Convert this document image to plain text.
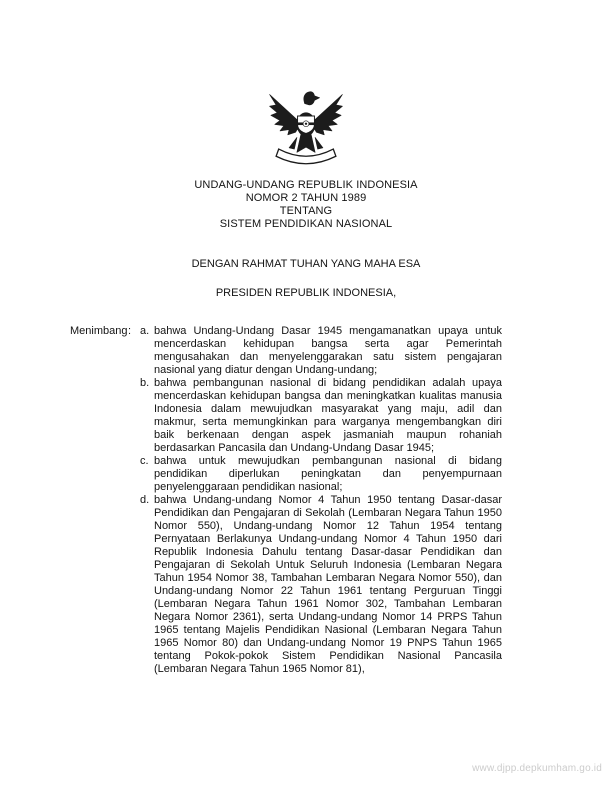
UNDANG-UNDANG REPUBLIK INDONESIA
NOMOR 2 TAHUN 1989
TENTANG
SISTEM PENDIDIKAN NASIONAL
DENGAN RAHMAT TUHAN YANG MAHA ESA
PRESIDEN REPUBLIK INDONESIA,
Menimbang : a. bahwa Undang-Undang Dasar 1945 mengamanatkan upaya untuk mencerdaskan kehidupan bangsa serta agar Pemerintah mengusahakan dan menyelenggarakan satu sistem pengajaran nasional yang diatur dengan Undang-undang;
b. bahwa pembangunan nasional di bidang pendidikan adalah upaya mencerdaskan kehidupan bangsa dan meningkatkan kualitas manusia Indonesia dalam mewujudkan masyarakat yang maju, adil dan makmur, serta memungkinkan para warganya mengembangkan diri baik berkenaan dengan aspek jasmaniah maupun rohaniah berdasarkan Pancasila dan Undang-Undang Dasar 1945;
c. bahwa untuk mewujudkan pembangunan nasional di bidang pendidikan diperlukan peningkatan dan penyempurnaan penyelenggaraan pendidikan nasional;
d. bahwa Undang-undang Nomor 4 Tahun 1950 tentang Dasar-dasar Pendidikan dan Pengajaran di Sekolah (Lembaran Negara Tahun 1950 Nomor 550), Undang-undang Nomor 12 Tahun 1954 tentang Pernyataan Berlakunya Undang-undang Nomor 4 Tahun 1950 dari Republik Indonesia Dahulu tentang Dasar-dasar Pendidikan dan Pengajaran di Sekolah Untuk Seluruh Indonesia (Lembaran Negara Tahun 1954 Nomor 38, Tambahan Lembaran Negara Nomor 550), dan Undang-undang Nomor 22 Tahun 1961 tentang Perguruan Tinggi (Lembaran Negara Tahun 1961 Nomor 302, Tambahan Lembaran Negara Nomor 2361), serta Undang-undang Nomor 14 PRPS Tahun 1965 tentang Majelis Pendidikan Nasional (Lembaran Negara Tahun 1965 Nomor 80) dan Undang-undang Nomor 19 PNPS Tahun 1965 tentang Pokok-pokok Sistem Pendidikan Nasional Pancasila (Lembaran Negara Tahun 1965 Nomor 81),
www.djpp.depkumham.go.id
